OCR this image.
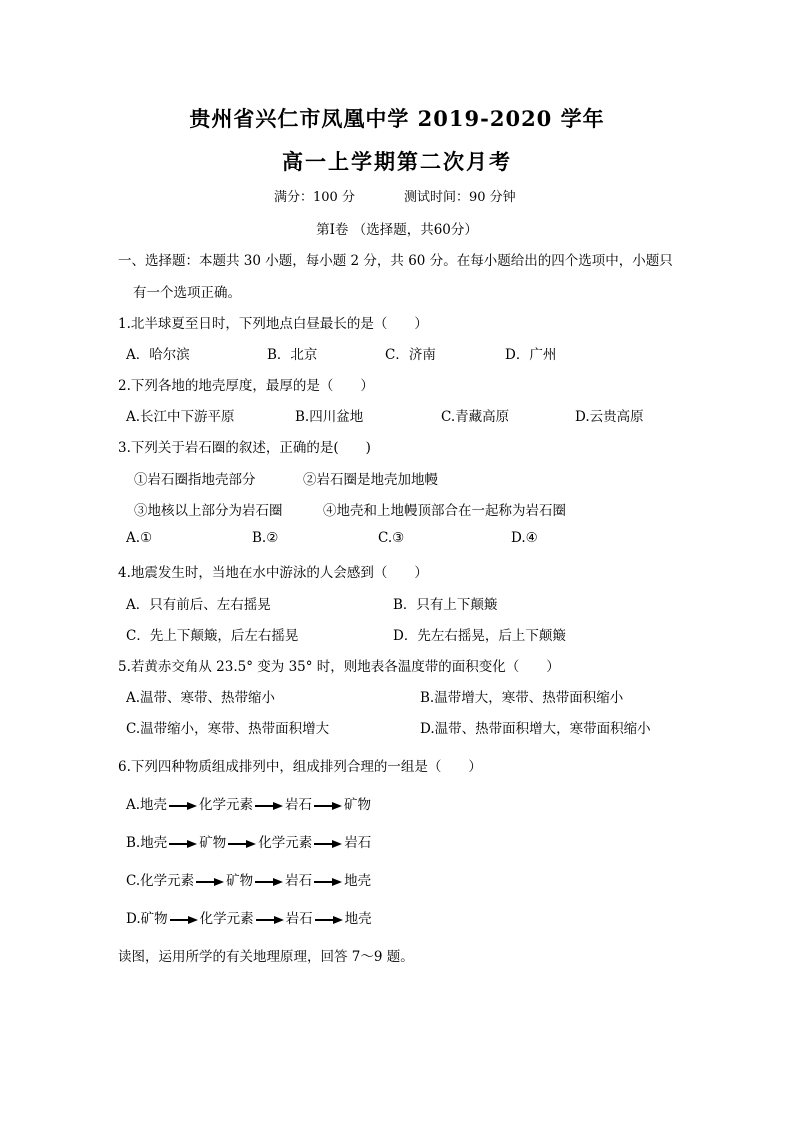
贵州省兴仁市凤凰中学 2019-2020 学年
高一上学期第二次月考
满分：100 分	测试时间：90 分钟
第Ⅰ卷 （选择题，共60分）
一、选择题：本题共 30 小题，每小题 2 分，共 60 分。在每小题给出的四个选项中，小题只
有一个选项正确。
1.北半球夏至日时，下列地点白昼最长的是（　　）
A．哈尔滨	B．北京	C．济南	D．广州
2.下列各地的地壳厚度，最厚的是（　　）
A.长江中下游平原	B.四川盆地	C.青藏高原	D.云贵高原
3.下列关于岩石圈的叙述，正确的是(　　)
①岩石圈指地壳部分	②岩石圈是地壳加地幔
③地核以上部分为岩石圈	④地壳和上地幔顶部合在一起称为岩石圈
A.①	B.②	C.③	D.④
4.地震发生时，当地在水中游泳的人会感到（　　）
A．只有前后、左右摇晃	B．只有上下颠簸
C．先上下颠簸，后左右摇晃	D．先左右摇晃，后上下颠簸
5.若黄赤交角从 23.5° 变为 35° 时，则地表各温度带的面积变化（　　）
A.温带、寒带、热带缩小	B.温带增大，寒带、热带面积缩小
C.温带缩小，寒带、热带面积增大	D.温带、热带面积增大，寒带面积缩小
6.下列四种物质组成排列中，组成排列合理的一组是（　　）
A.地壳 化学元素 岩石 矿物
B.地壳 矿物 化学元素 岩石
C.化学元素 矿物 岩石 地壳
D.矿物 化学元素 岩石 地壳
读图，运用所学的有关地理原理，回答 7～9 题。
